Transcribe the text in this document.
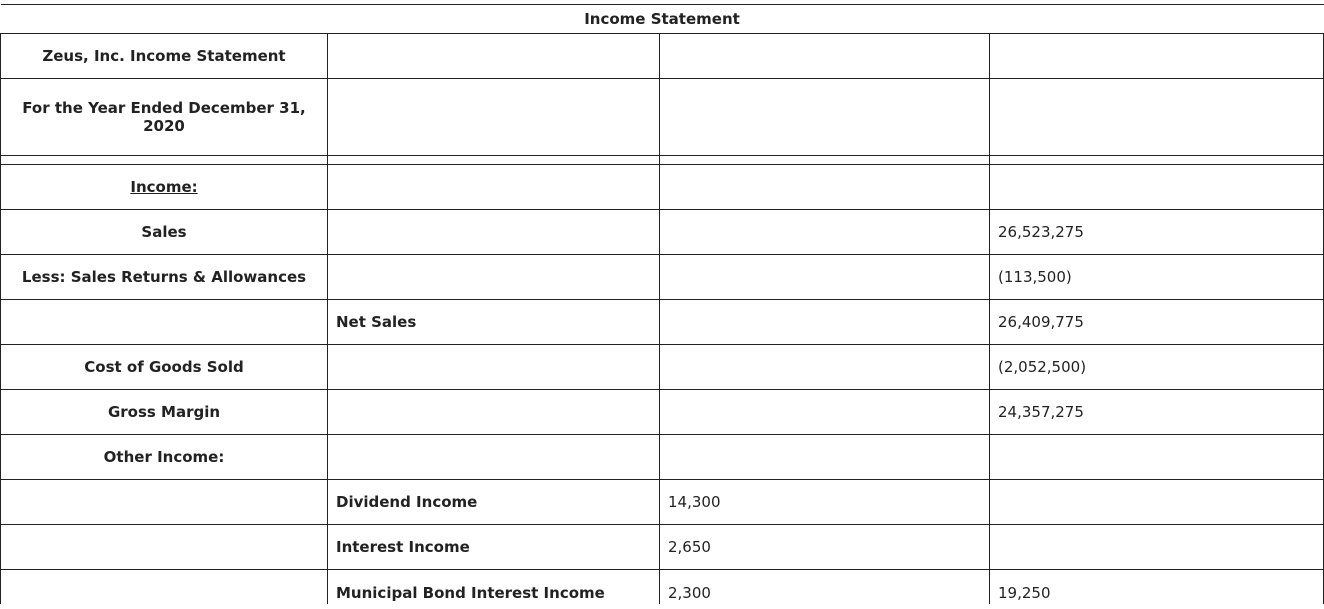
Income Statement			
Zeus, Inc. Income Statement			
For the Year Ended December 31, 2020			

Income:			
Sales			26,523,275
Less: Sales Returns & Allowances			(113,500)
	Net Sales		26,409,775
Cost of Goods Sold			(2,052,500)
Gross Margin			24,357,275
Other Income:			
	Dividend Income	14,300	
	Interest Income	2,650	
	Municipal Bond Interest Income	2,300	19,250
